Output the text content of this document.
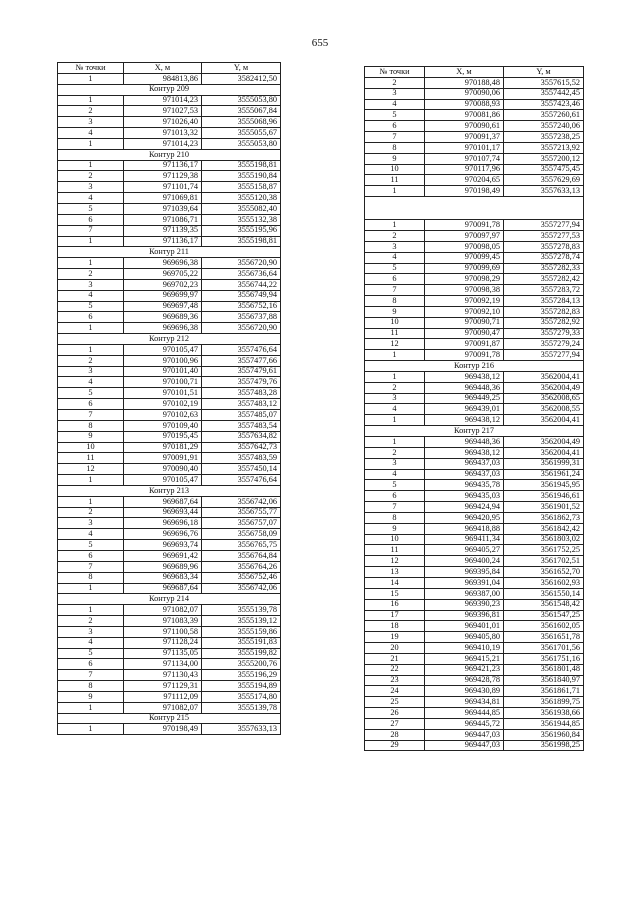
655
№ точки	X, м	Y, м
1	984813,86	3582412,50
Контур 209		
1	971014,23	3555053,80
2	971027,53	3555067,84
3	971026,40	3555068,96
4	971013,32	3555055,67
1	971014,23	3555053,80
Контур 210		
1	971136,17	3555198,81
2	971129,38	3555190,84
3	971101,74	3555158,87
4	971069,81	3555120,38
5	971039,64	3555082,40
6	971086,71	3555132,38
7	971139,35	3555195,96
1	971136,17	3555198,81
Контур 211		
1	969696,38	3556720,90
2	969705,22	3556736,64
3	969702,23	3556744,22
4	969699,97	3556749,94
5	969697,48	3556752,16
6	969689,36	3556737,88
1	969696,38	3556720,90
Контур 212		
1	970105,47	3557476,64
2	970100,96	3557477,66
3	970101,40	3557479,61
4	970100,71	3557479,76
5	970101,51	3557483,28
6	970102,19	3557483,12
7	970102,63	3557485,07
8	970109,40	3557483,54
9	970195,45	3557634,82
10	970181,29	3557642,73
11	970091,91	3557483,59
12	970090,40	3557450,14
1	970105,47	3557476,64
Контур 213		
1	969687,64	3556742,06
2	969693,44	3556755,77
3	969696,18	3556757,07
4	969696,76	3556758,09
5	969693,74	3556765,75
6	969691,42	3556764,84
7	969689,96	3556764,26
8	969683,34	3556752,46
1	969687,64	3556742,06
Контур 214		
1	971082,07	3555139,78
2	971083,39	3555139,12
3	971100,58	3555159,86
4	971128,24	3555191,83
5	971135,05	3555199,82
6	971134,00	3555200,76
7	971130,43	3555196,29
8	971129,31	3555194,89
9	971112,09	3555174,80
1	971082,07	3555139,78
Контур 215		
1	970198,49	3557633,13
№ точки	X, м	Y, м
2	970188,48	3557615,52
3	970090,06	3557442,45
4	970088,93	3557423,46
5	970081,86	3557260,61
6	970090,61	3557240,06
7	970091,37	3557238,25
8	970101,17	3557213,92
9	970107,74	3557200,12
10	970117,96	3557475,45
11	970204,65	3557629,69
1	970198,49	3557633,13

1	970091,78	3557277,94
2	970097,97	3557277,53
3	970098,05	3557278,83
4	970099,45	3557278,74
5	970099,69	3557282,33
6	970098,29	3557282,42
7	970098,38	3557283,72
8	970092,19	3557284,13
9	970092,10	3557282,83
10	970090,71	3557282,92
11	970090,47	3557279,33
12	970091,87	3557279,24
1	970091,78	3557277,94
Контур 216		
1	969438,12	3562004,41
2	969448,36	3562004,49
3	969449,25	3562008,65
4	969439,01	3562008,55
1	969438,12	3562004,41
Контур 217		
1	969448,36	3562004,49
2	969438,12	3562004,41
3	969437,03	3561999,31
4	969437,03	3561961,24
5	969435,78	3561945,95
6	969435,03	3561946,61
7	969424,94	3561901,52
8	969420,95	3561862,73
9	969418,88	3561842,42
10	969411,34	3561803,02
11	969405,27	3561752,25
12	969400,24	3561702,51
13	969395,84	3561652,70
14	969391,04	3561602,93
15	969387,00	3561550,14
16	969390,23	3561548,42
17	969396,81	3561547,25
18	969401,01	3561602,05
19	969405,80	3561651,78
20	969410,19	3561701,56
21	969415,21	3561751,16
22	969421,23	3561801,48
23	969428,78	3561840,97
24	969430,89	3561861,71
25	969434,81	3561899,75
26	969444,85	3561938,66
27	969445,72	3561944,85
28	969447,03	3561960,84
29	969447,03	3561998,25
